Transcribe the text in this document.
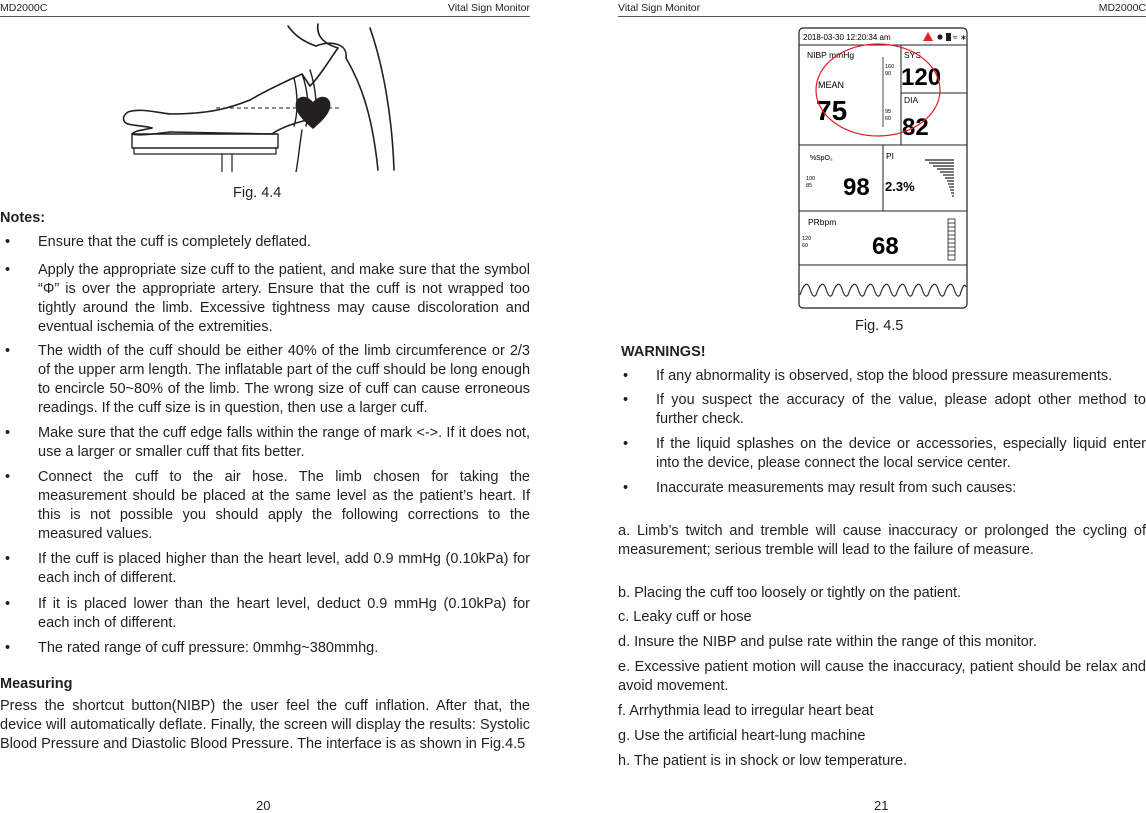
MD2000C	Vital Sign Monitor
Fig. 4.4
Notes:
• Ensure that the cuff is completely deflated.
• Apply the appropriate size cuff to the patient, and make sure that the symbol “Φ” is over the appropriate artery. Ensure that the cuff is not wrapped too tightly around the limb. Excessive tightness may cause discoloration and eventual ischemia of the extremities.
• The width of the cuff should be either 40% of the limb circumference or 2/3 of the upper arm length. The inflatable part of the cuff should be long enough to encircle 50~80% of the limb. The wrong size of cuff can cause erroneous readings. If the cuff size is in question, then use a larger cuff.
• Make sure that the cuff edge falls within the range of mark <->. If it does not, use a larger or smaller cuff that fits better.
• Connect the cuff to the air hose. The limb chosen for taking the measurement should be placed at the same level as the patient’s heart. If this is not possible you should apply the following corrections to the measured values.
• If the cuff is placed higher than the heart level, add 0.9 mmHg (0.10kPa) for each inch of different.
• If it is placed lower than the heart level, deduct 0.9 mmHg (0.10kPa) for each inch of different.
• The rated range of cuff pressure: 0mmhg~380mmhg.
Measuring

Press the shortcut button(NIBP) the user feel the cuff inflation. After that, the device will automatically deflate. Finally, the screen will display the results: Systolic Blood Pressure and Diastolic Blood Pressure. The interface is as shown in Fig.4.5

20
Vital Sign Monitor	MD2000C
2018-03-30 12:20:34 am	≈ ∗
NIBP mmHg	SYS
160
90 120
MEAN
75	DIA
95
60 82
% SpO₂
100
85 98
PI
2.3%
PRbpm
120
60	68
Fig. 4.5
WARNINGS!
• If any abnormality is observed, stop the blood pressure measurements.
• If you suspect the accuracy of the value, please adopt other method to further check.
• If the liquid splashes on the device or accessories, especially liquid enter into the device, please connect the local service center.
• Inaccurate measurements may result from such causes:

a. Limb’s twitch and tremble will cause inaccuracy or prolonged the cycling of measurement; serious tremble will lead to the failure of measure.

b. Placing the cuff too loosely or tightly on the patient.

c. Leaky cuff or hose

d. Insure the NIBP and pulse rate within the range of this monitor.

e. Excessive patient motion will cause the inaccuracy, patient should be relax and avoid movement.

f. Arrhythmia lead to irregular heart beat

g. Use the artificial heart-lung machine

h. The patient is in shock or low temperature.

21
